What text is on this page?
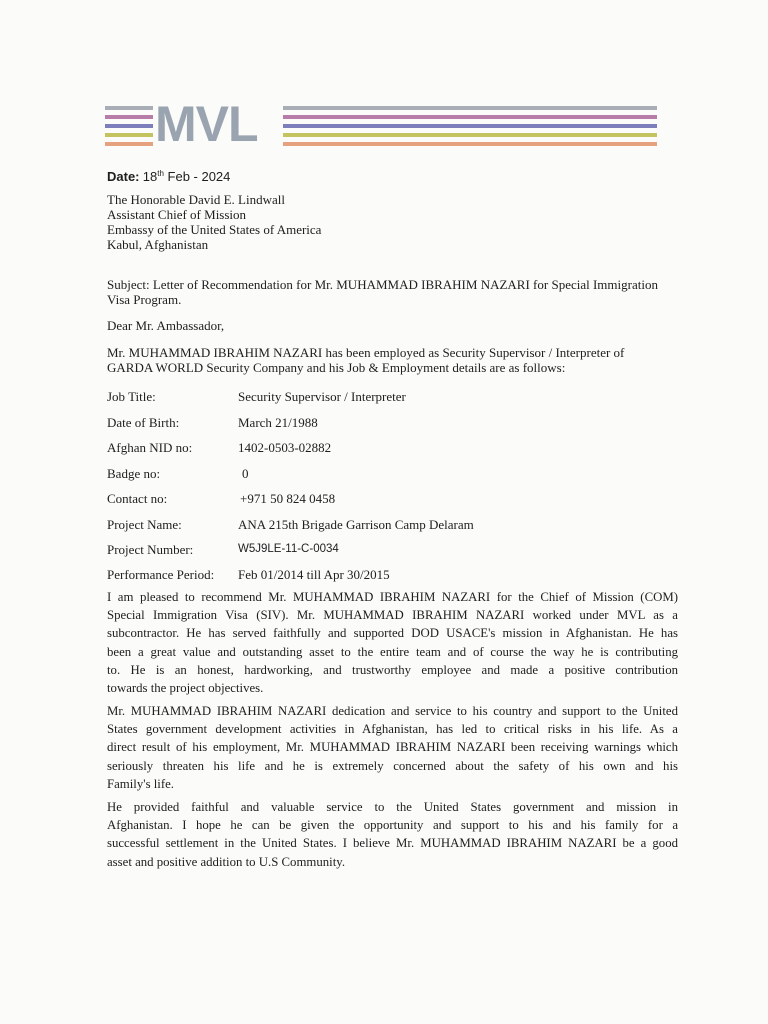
MVL
Date: 18th Feb - 2024
The Honorable David E. Lindwall
Assistant Chief of Mission
Embassy of the United States of America
Kabul, Afghanistan
Subject: Letter of Recommendation for Mr. MUHAMMAD IBRAHIM NAZARI for Special Immigration
Visa Program.
Dear Mr. Ambassador,
Mr. MUHAMMAD IBRAHIM NAZARI has been employed as Security Supervisor / Interpreter of
GARDA WORLD Security Company and his Job & Employment details are as follows:
Job Title:	Security Supervisor / Interpreter
Date of Birth:	March 21/1988
Afghan NID no:	1402-0503-02882
Badge no:	0
Contact no:	+971 50 824 0458
Project Name:	ANA 215th Brigade Garrison Camp Delaram
Project Number:	W5J9LE-11-C-0034
Performance Period: Feb 01/2014 till Apr 30/2015
I am pleased to recommend Mr. MUHAMMAD IBRAHIM NAZARI for the Chief of Mission (COM)
Special Immigration Visa (SIV). Mr. MUHAMMAD IBRAHIM NAZARI worked under MVL as a
subcontractor. He has served faithfully and supported DOD USACE's mission in Afghanistan. He has
been a great value and outstanding asset to the entire team and of course the way he is contributing
to. He is an honest, hardworking, and trustworthy employee and made a positive contribution
towards the project objectives.
Mr. MUHAMMAD IBRAHIM NAZARI dedication and service to his country and support to the United
States government development activities in Afghanistan, has led to critical risks in his life. As a
direct result of his employment, Mr. MUHAMMAD IBRAHIM NAZARI been receiving warnings which
seriously threaten his life and he is extremely concerned about the safety of his own and his
Family's life.
He provided faithful and valuable service to the United States government and mission in
Afghanistan. I hope he can be given the opportunity and support to his and his family for a
successful settlement in the United States. I believe Mr. MUHAMMAD IBRAHIM NAZARI be a good
asset and positive addition to U.S Community.
